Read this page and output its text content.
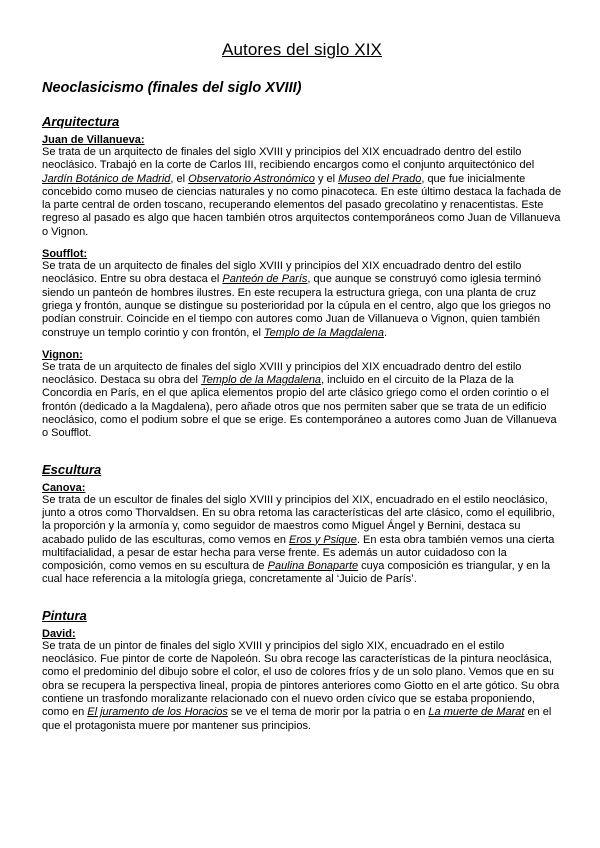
Autores del siglo XIX
Neoclasicismo (finales del siglo XVIII)
Arquitectura
Juan de Villanueva:

Se trata de un arquitecto de finales del siglo XVIII y principios del XIX encuadrado dentro del estilo neoclásico. Trabajó en la corte de Carlos III, recibiendo encargos como el conjunto arquitectónico del Jardín Botánico de Madrid, el Observatorio Astronómico y el Museo del Prado, que fue inicialmente concebido como museo de ciencias naturales y no como pinacoteca. En este último destaca la fachada de la parte central de orden toscano, recuperando elementos del pasado grecolatino y renacentistas. Este regreso al pasado es algo que hacen también otros arquitectos contemporáneos como Juan de Villanueva o Vignon.

Soufflot:

Se trata de un arquitecto de finales del siglo XVIII y principios del XIX encuadrado dentro del estilo neoclásico. Entre su obra destaca el Panteón de París, que aunque se construyó como iglesia terminó siendo un panteón de hombres ilustres. En este recupera la estructura griega, con una planta de cruz griega y frontón, aunque se distingue su posterioridad por la cúpula en el centro, algo que los griegos no podían construir. Coincide en el tiempo con autores como Juan de Villanueva o Vignon, quien también construye un templo corintio y con frontón, el Templo de la Magdalena.

Vignon:

Se trata de un arquitecto de finales del siglo XVIII y principios del XIX encuadrado dentro del estilo neoclásico. Destaca su obra del Templo de la Magdalena, incluido en el circuito de la Plaza de la Concordia en París, en el que aplica elementos propio del arte clásico griego como el orden corintio o el frontón (dedicado a la Magdalena), pero añade otros que nos permiten saber que se trata de un edificio neoclásico, como el podium sobre el que se erige. Es contemporáneo a autores como Juan de Villanueva o Soufflot.

Escultura
Canova:

Se trata de un escultor de finales del siglo XVIII y principios del XIX, encuadrado en el estilo neoclásico, junto a otros como Thorvaldsen. En su obra retoma las características del arte clásico, como el equilibrio, la proporción y la armonía y, como seguidor de maestros como Miguel Ángel y Bernini, destaca su acabado pulido de las esculturas, como vemos en Eros y Psique. En esta obra también vemos una cierta multifacialidad, a pesar de estar hecha para verse frente. Es además un autor cuidadoso con la composición, como vemos en su escultura de Paulina Bonaparte cuya composición es triangular, y en la cual hace referencia a la mitología griega, concretamente al ‘Juicio de París’.

Pintura
David:

Se trata de un pintor de finales del siglo XVIII y principios del siglo XIX, encuadrado en el estilo neoclásico. Fue pintor de corte de Napoleón. Su obra recoge las características de la pintura neoclásica, como el predominio del dibujo sobre el color, el uso de colores fríos y de un solo plano. Vemos que en su obra se recupera la perspectiva lineal, propia de pintores anteriores como Giotto en el arte gótico. Su obra contiene un trasfondo moralizante relacionado con el nuevo orden cívico que se estaba proponiendo, como en El juramento de los Horacios se ve el tema de morir por la patria o en La muerte de Marat en el que el protagonista muere por mantener sus principios.
